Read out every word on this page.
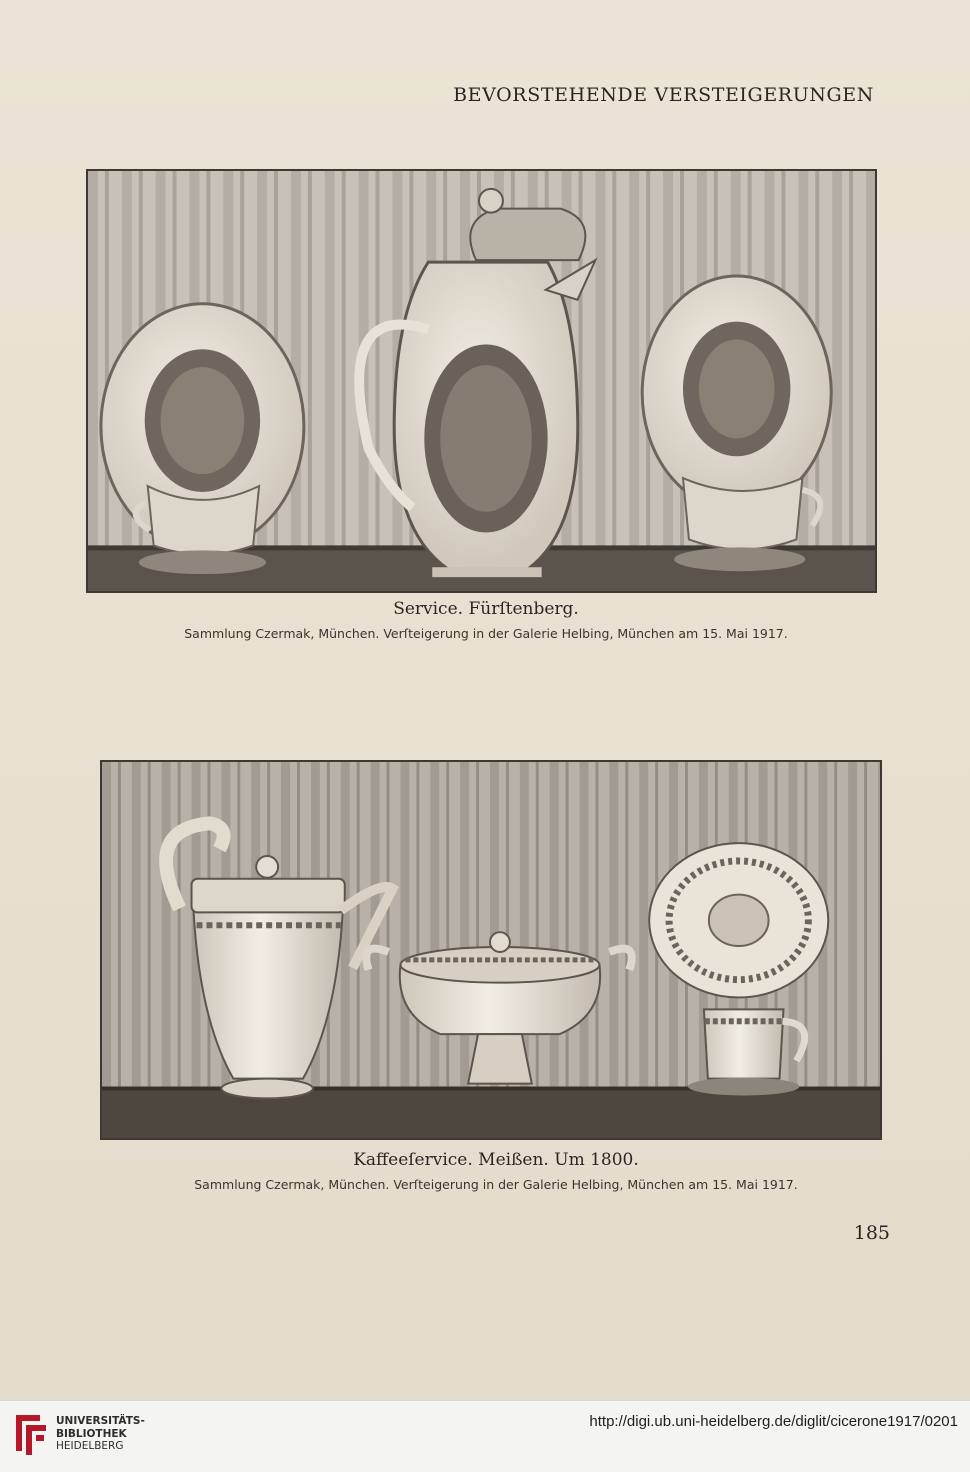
BEVORSTEHENDE VERSTEIGERUNGEN
Service. Fürſtenberg.
Sammlung Czermak, München. Verſteigerung in der Galerie Helbing, München am 15. Mai 1917.
Kaffeeſervice. Meißen. Um 1800.
Sammlung Czermak, München. Verſteigerung in der Galerie Helbing, München am 15. Mai 1917.
185
UNIVERSITÄTS-
BIBLIOTHEK
HEIDELBERG
http://digi.ub.uni-heidelberg.de/diglit/cicerone1917/0201
